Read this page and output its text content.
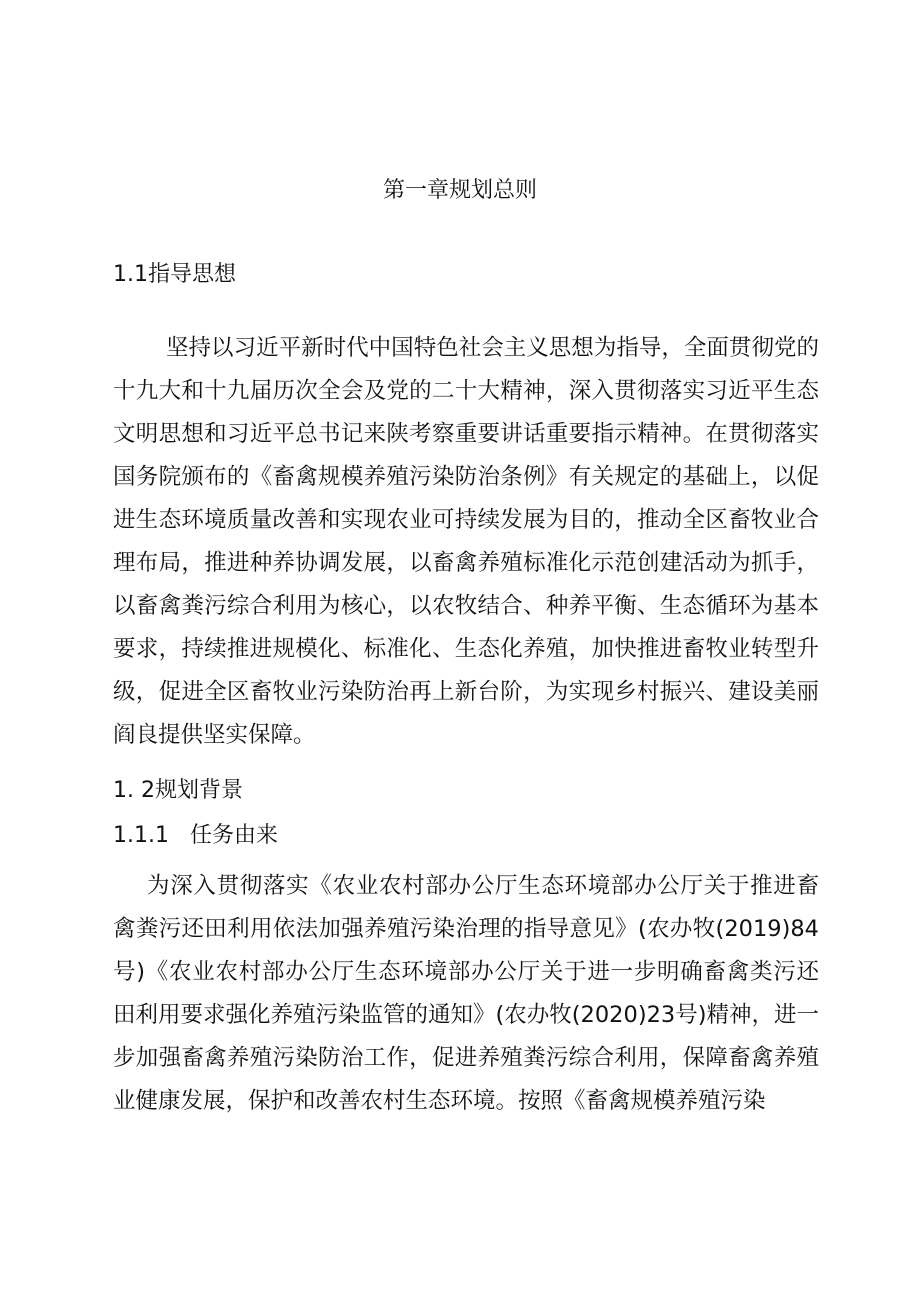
第一章规划总则
1.1指导思想

坚持以习近平新时代中国特色社会主义思想为指导，全面贯彻党的十九大和十九届历次全会及党的二十大精神，深入贯彻落实习近平生态文明思想和习近平总书记来陕考察重要讲话重要指示精神。在贯彻落实国务院颁布的《畜禽规模养殖污染防治条例》有关规定的基础上，以促进生态环境质量改善和实现农业可持续发展为目的，推动全区畜牧业合理布局，推进种养协调发展，以畜禽养殖标准化示范创建活动为抓手，以畜禽粪污综合利用为核心，以农牧结合、种养平衡、生态循环为基本要求，持续推进规模化、标准化、生态化养殖，加快推进畜牧业转型升级，促进全区畜牧业污染防治再上新台阶，为实现乡村振兴、建设美丽阎良提供坚实保障。

1. 2规划背景
1.1.1   任务由来

为深入贯彻落实《农业农村部办公厅生态环境部办公厅关于推进畜禽粪污还田利用依法加强养殖污染治理的指导意见》(农办牧(2019)84号)《农业农村部办公厅生态环境部办公厅关于进一步明确畜禽类污还田利用要求强化养殖污染监管的通知》(农办牧(2020)23号)精神，进一步加强畜禽养殖污染防治工作，促进养殖粪污综合利用，保障畜禽养殖业健康发展，保护和改善农村生态环境。按照《畜禽规模养殖污染
